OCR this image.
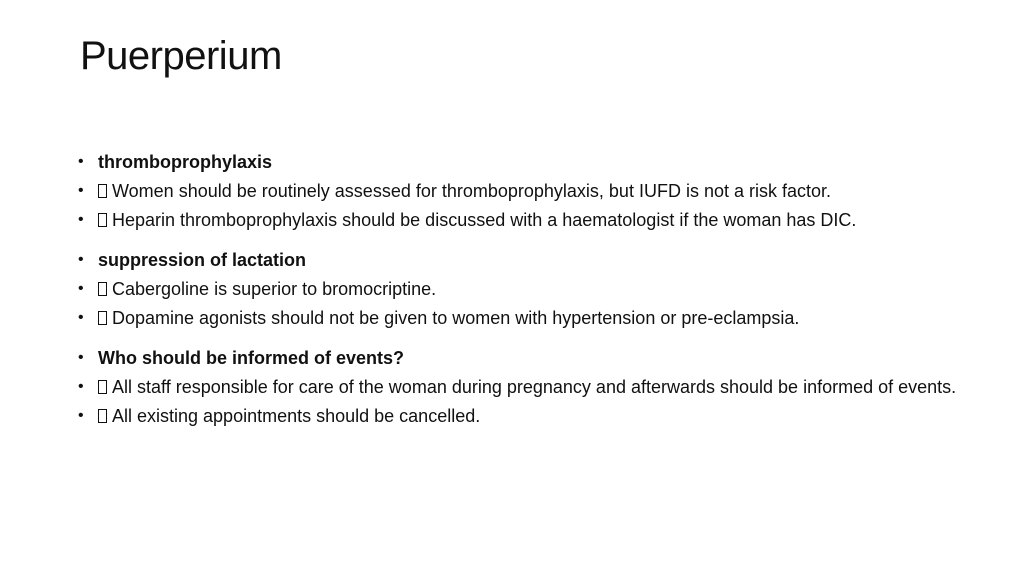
Puerperium
• thromboprophylaxis
• Women should be routinely assessed for thromboprophylaxis, but IUFD is not a risk factor.
• Heparin thromboprophylaxis should be discussed with a haematologist if the woman has DIC.
• suppression of lactation
• Cabergoline is superior to bromocriptine.
• Dopamine agonists should not be given to women with hypertension or pre-eclampsia.
• Who should be informed of events?
• All staff responsible for care of the woman during pregnancy and afterwards should be informed of events.
• All existing appointments should be cancelled.
